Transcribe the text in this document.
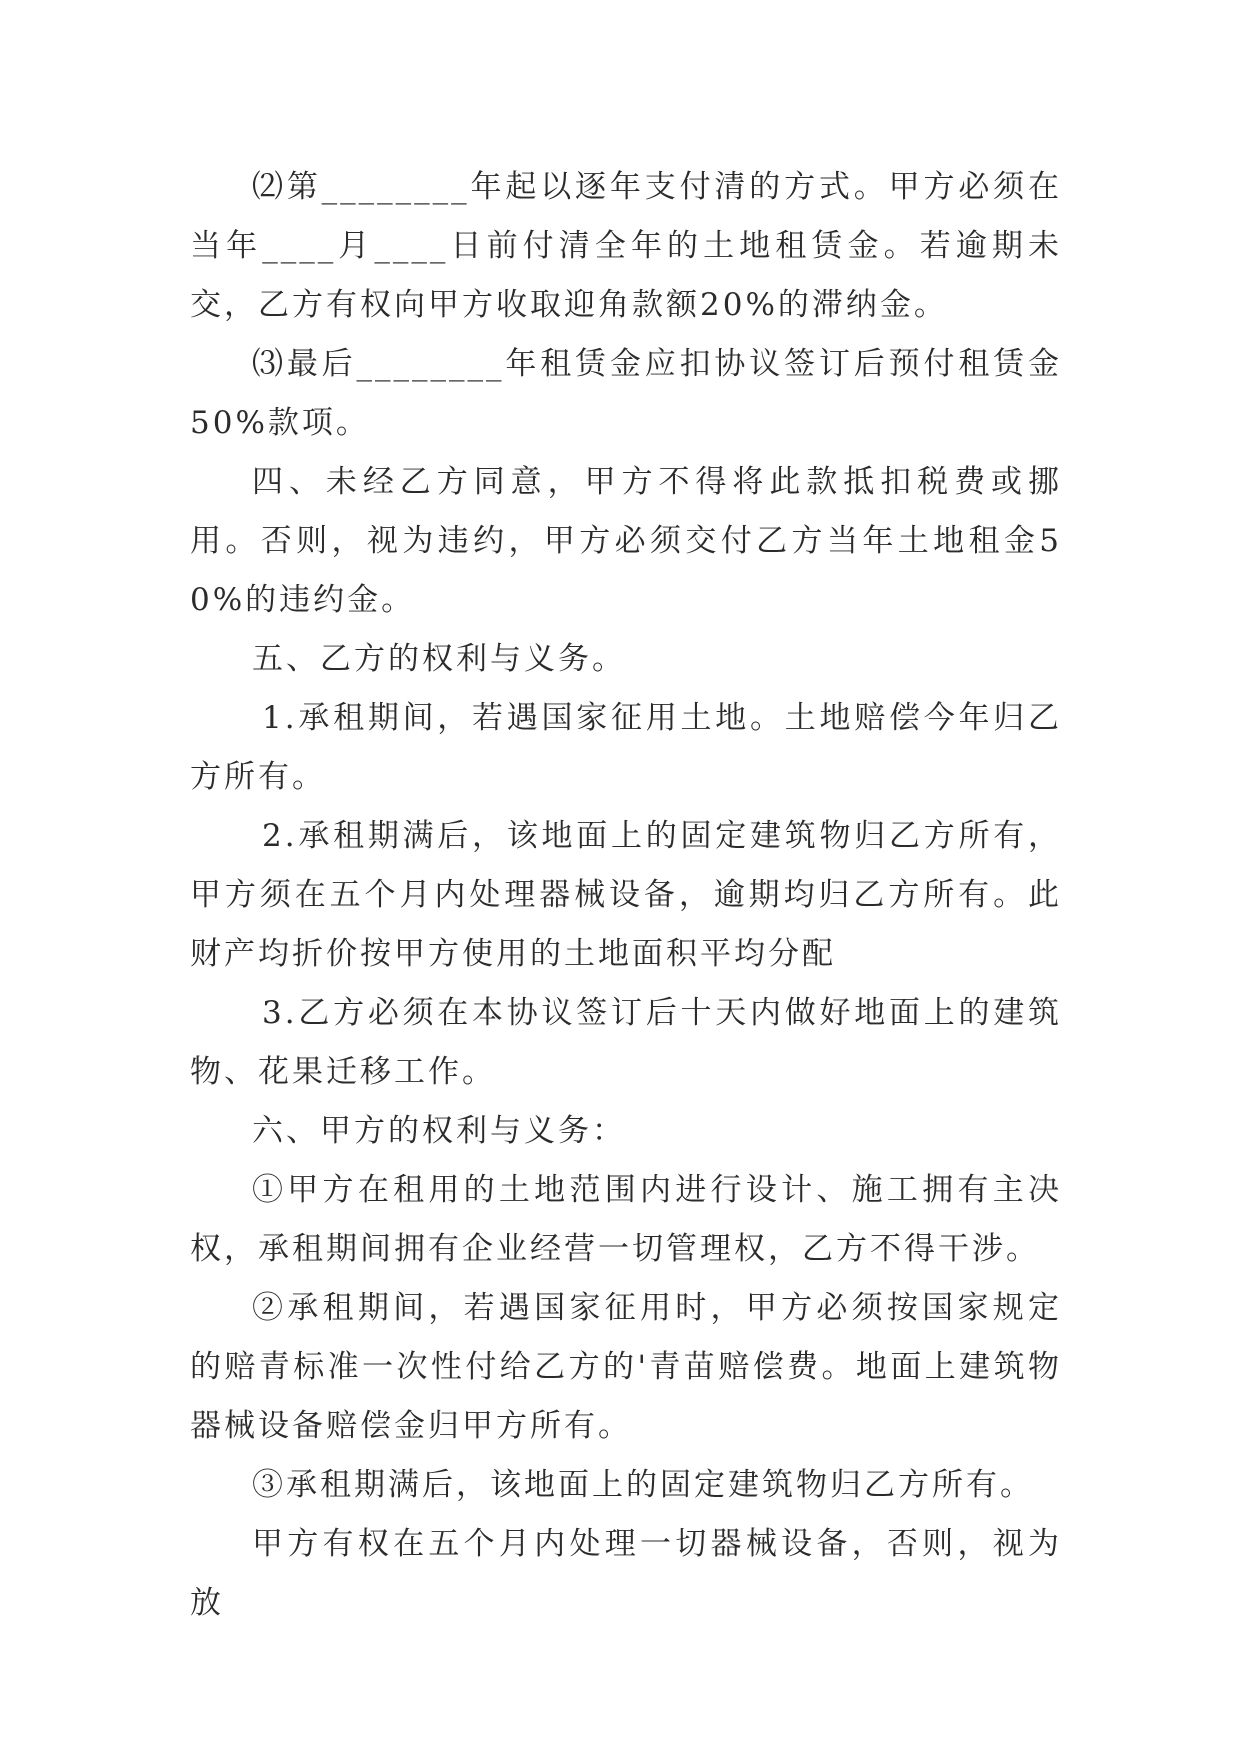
⑵第________年起以逐年支付清的方式。甲方必须在当年____月____日前付清全年的土地租赁金。若逾期未交，乙方有权向甲方收取迎角款额20%的滞纳金。

⑶最后________年租赁金应扣协议签订后预付租赁金50%款项。

四、未经乙方同意，甲方不得将此款抵扣税费或挪用。否则，视为违约，甲方必须交付乙方当年土地租金50%的违约金。

五、乙方的权利与义务。

1.承租期间，若遇国家征用土地。土地赔偿今年归乙方所有。

2.承租期满后，该地面上的固定建筑物归乙方所有，甲方须在五个月内处理器械设备，逾期均归乙方所有。此财产均折价按甲方使用的土地面积平均分配

3.乙方必须在本协议签订后十天内做好地面上的建筑物、花果迁移工作。

六、甲方的权利与义务：

①甲方在租用的土地范围内进行设计、施工拥有主决权，承租期间拥有企业经营一切管理权，乙方不得干涉。

②承租期间，若遇国家征用时，甲方必须按国家规定的赔青标准一次性付给乙方的'青苗赔偿费。地面上建筑物器械设备赔偿金归甲方所有。

③承租期满后，该地面上的固定建筑物归乙方所有。

甲方有权在五个月内处理一切器械设备，否则，视为放
